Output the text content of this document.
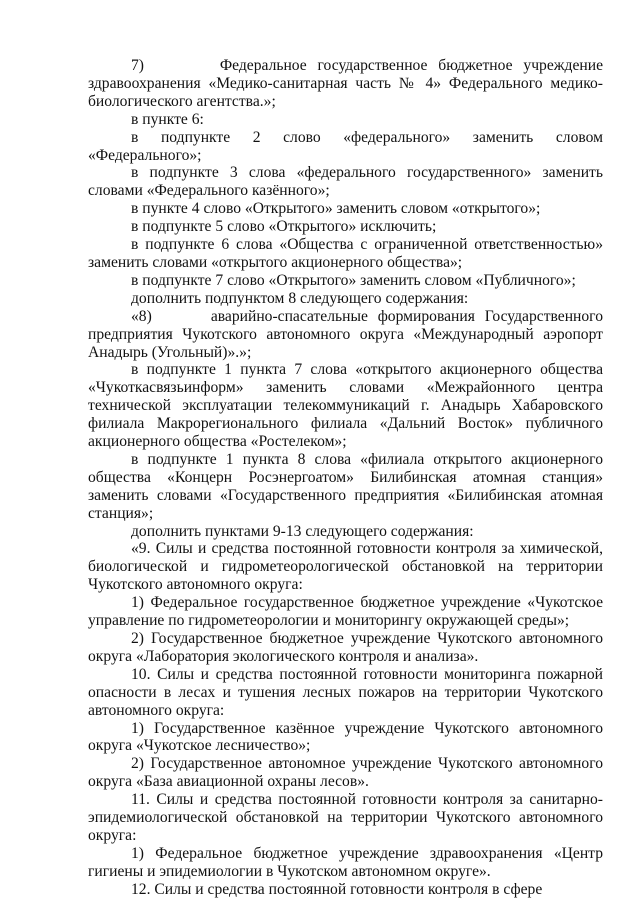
7)       Федеральное государственное бюджетное учреждение здравоохранения «Медико-санитарная часть № 4» Федерального медико-биологического агентства.»;

в пункте 6:

в подпункте 2 слово «федерального» заменить словом «Федерального»;

в подпункте 3 слова «федерального государственного» заменить словами «Федерального казённого»;

в пункте 4 слово «Открытого» заменить словом «открытого»;

в подпункте 5 слово «Открытого» исключить;

в подпункте 6 слова «Общества с ограниченной ответственностью» заменить словами «открытого акционерного общества»;

в подпункте 7 слово «Открытого» заменить словом «Публичного»;

дополнить подпунктом 8 следующего содержания:

«8)      аварийно-спасательные формирования Государственного предприятия Чукотского автономного округа «Международный аэропорт Анадырь (Угольный)».»;

в подпункте 1 пункта 7 слова «открытого акционерного общества «Чукоткасвязьинформ» заменить словами «Межрайонного центра технической эксплуатации телекоммуникаций г. Анадырь Хабаровского филиала Макрорегионального филиала «Дальний Восток» публичного акционерного общества «Ростелеком»;

в подпункте 1 пункта 8 слова «филиала открытого акционерного общества «Концерн Росэнергоатом» Билибинская атомная станция» заменить словами «Государственного предприятия «Билибинская атомная станция»;

дополнить пунктами 9-13 следующего содержания:

«9. Силы и средства постоянной готовности контроля за химической, биологической и гидрометеорологической обстановкой на территории Чукотского автономного округа:

1) Федеральное государственное бюджетное учреждение «Чукотское управление по гидрометеорологии и мониторингу окружающей среды»;

2) Государственное бюджетное учреждение Чукотского автономного округа «Лаборатория экологического контроля и анализа».

10. Силы и средства постоянной готовности мониторинга пожарной опасности в лесах и тушения лесных пожаров на территории Чукотского автономного округа:

1) Государственное казённое учреждение Чукотского автономного округа «Чукотское лесничество»;

2) Государственное автономное учреждение Чукотского автономного округа «База авиационной охраны лесов».

11. Силы и средства постоянной готовности контроля за санитарно-эпидемиологической обстановкой на территории Чукотского автономного округа:

1) Федеральное бюджетное учреждение здравоохранения «Центр гигиены и эпидемиологии в Чукотском автономном округе».

12. Силы и средства постоянной готовности контроля в сфере
